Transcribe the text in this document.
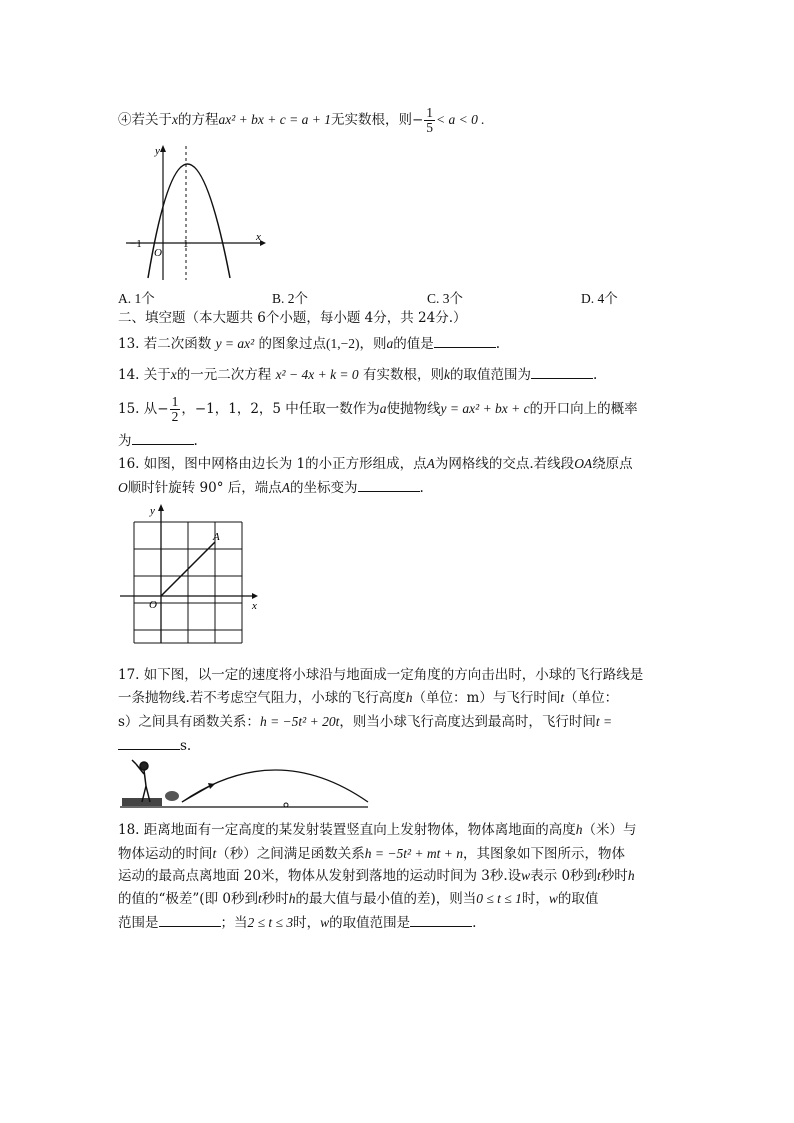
④若关于x的方程ax² + bx + c = a + 1无实数根，则− $\frac{1}{5} < a < 0$ .
y
x
O
−1	1
A. 1个	B. 2个	C. 3个	D. 4个
二、填空题（本大题共 6个小题，每小题 4分，共 24分.）
13. 若二次函数 y = ax² 的图象过点(1,−2)，则a的值是	.
14. 关于x的一元二次方程 x² − 4x + k = 0 有实数根，则k的取值范围为	.
15. 从− $\frac{1}{2}$ ，−1，1，2，5 中任取一数作为a使抛物线y = ax² + bx + c的开口向上的概率
为	.
16. 如图，图中网格由边长为 1的小正方形组成，点A为网格线的交点.若线段OA绕原点
O顺时针旋转 90° 后，端点A的坐标变为	.
y
x
O
A
17. 如下图，以一定的速度将小球沿与地面成一定角度的方向击出时，小球的飞行路线是
一条抛物线.若不考虑空气阻力，小球的飞行高度h（单位：m）与飞行时间t（单位：
s）之间具有函数关系：h = −5t² + 20t，则当小球飞行高度达到最高时，飞行时间t =
s.
18. 距离地面有一定高度的某发射装置竖直向上发射物体，物体离地面的高度h（米）与
物体运动的时间t（秒）之间满足函数关系h = −5t² + mt + n，其图象如下图所示，物体
运动的最高点离地面 20米，物体从发射到落地的运动时间为 3秒.设w表示 0秒到t秒时h
的值的“极差”(即 0秒到t秒时h的最大值与最小值的差)，则当0 ≤ t ≤ 1时，w的取值
范围是	；当2 ≤ t ≤ 3时，w的取值范围是	.
